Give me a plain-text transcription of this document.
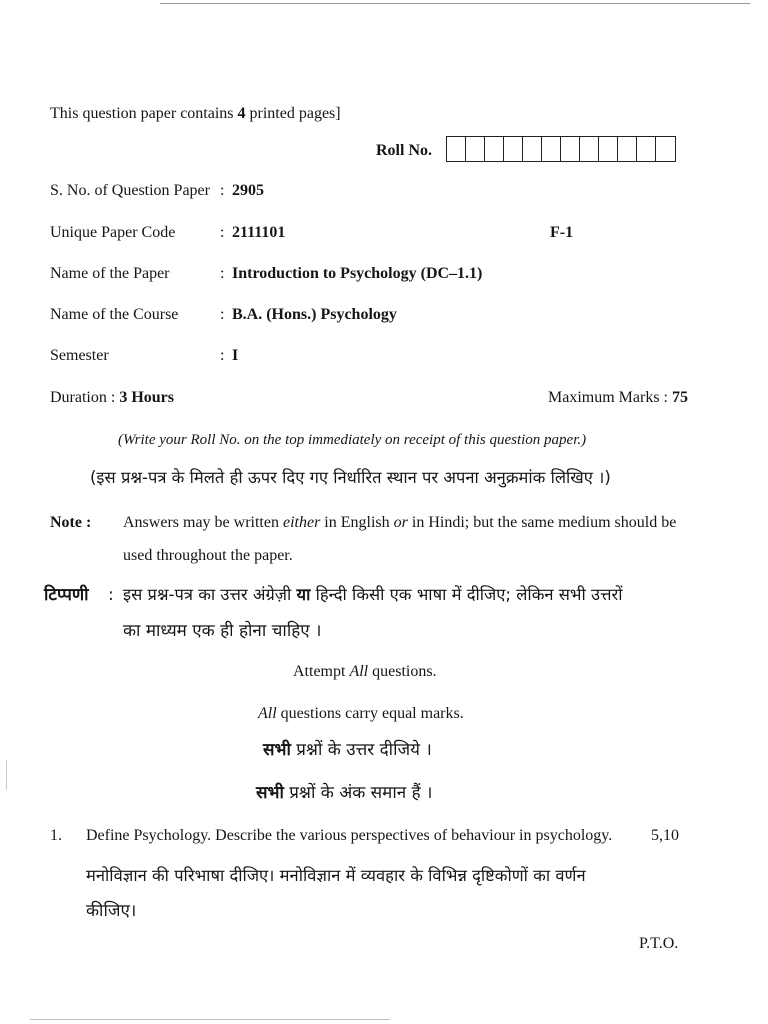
This question paper contains 4 printed pages]
Roll No.
S. No. of Question Paper : 2905
Unique Paper Code	: 2111101	F-1
Name of the Paper	: Introduction to Psychology (DC–1.1)
Name of the Course	: B.A. (Hons.) Psychology
Semester	: I
Duration : 3 Hours	Maximum Marks : 75
(Write your Roll No. on the top immediately on receipt of this question paper.)
(इस प्रश्न-पत्र के मिलते ही ऊपर दिए गए निर्धारित स्थान पर अपना अनुक्रमांक लिखिए ।)
Note : Answers may be written either in English or in Hindi; but the same medium should be
used throughout the paper.
टिप्पणी : इस प्रश्न-पत्र का उत्तर अंग्रेज़ी या हिन्दी किसी एक भाषा में दीजिए; लेकिन सभी उत्तरों
का माध्यम एक ही होना चाहिए ।
Attempt All questions.
All questions carry equal marks.
सभी प्रश्नों के उत्तर दीजिये ।
सभी प्रश्नों के अंक समान हैं ।
1. Define Psychology. Describe the various perspectives of behaviour in psychology. 5,10
मनोविज्ञान की परिभाषा दीजिए। मनोविज्ञान में व्यवहार के विभिन्न दृष्टिकोणों का वर्णन
कीजिए।
P.T.O.
